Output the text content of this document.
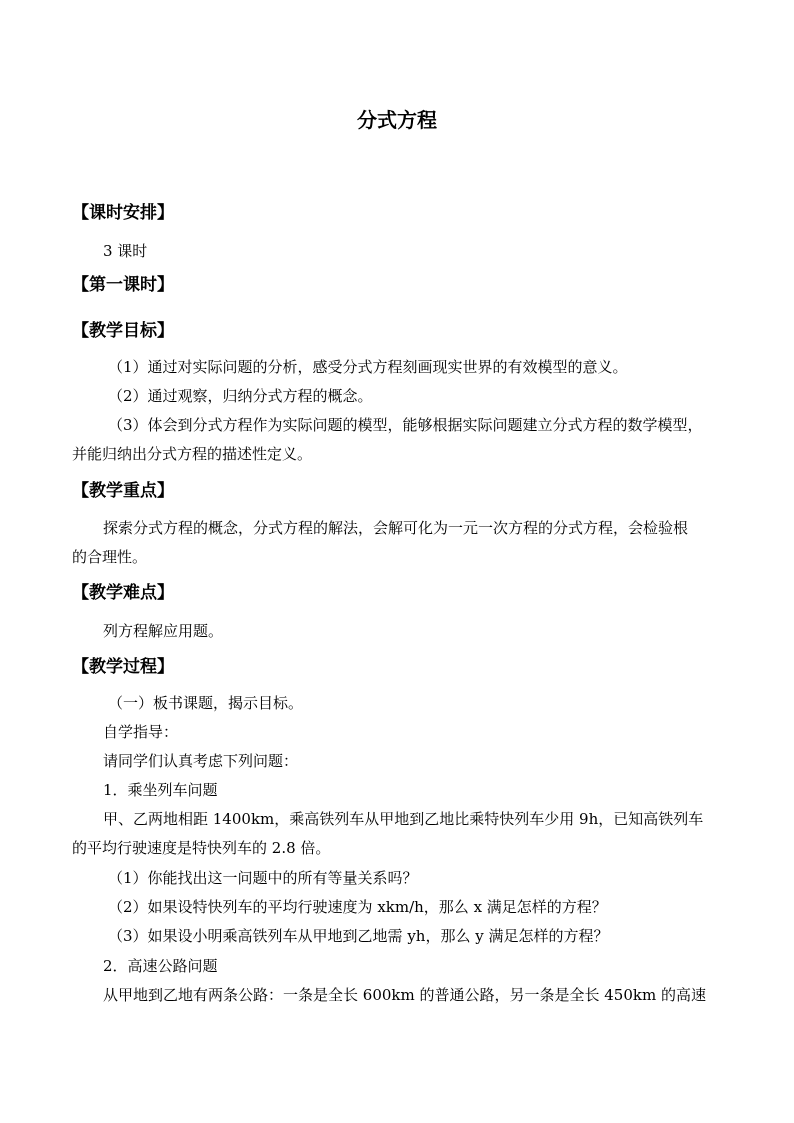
分式方程
【课时安排】
3 课时
【第一课时】
【教学目标】
（1）通过对实际问题的分析，感受分式方程刻画现实世界的有效模型的意义。
（2）通过观察，归纳分式方程的概念。
（3）体会到分式方程作为实际问题的模型，能够根据实际问题建立分式方程的数学模型，
并能归纳出分式方程的描述性定义。
【教学重点】
探索分式方程的概念，分式方程的解法，会解可化为一元一次方程的分式方程，会检验根
的合理性。
【教学难点】
列方程解应用题。
【教学过程】
（一）板书课题，揭示目标。
自学指导：
请同学们认真考虑下列问题：
1．乘坐列车问题
甲、乙两地相距 1400km，乘高铁列车从甲地到乙地比乘特快列车少用 9h，已知高铁列车
的平均行驶速度是特快列车的 2.8 倍。
（1）你能找出这一问题中的所有等量关系吗？
（2）如果设特快列车的平均行驶速度为 xkm/h，那么 x 满足怎样的方程？
（3）如果设小明乘高铁列车从甲地到乙地需 yh，那么 y 满足怎样的方程？
2．高速公路问题
从甲地到乙地有两条公路：一条是全长 600km 的普通公路，另一条是全长 450km 的高速
